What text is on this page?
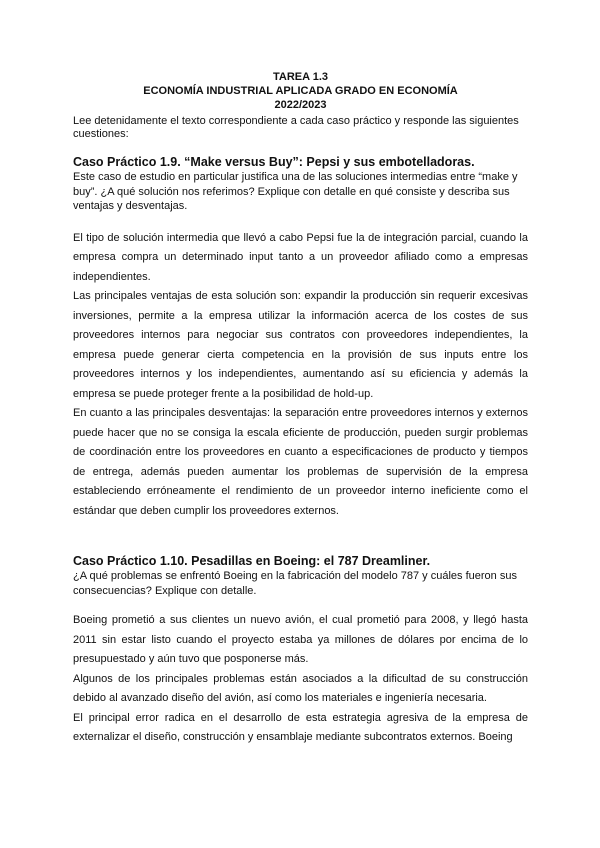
TAREA 1.3
ECONOMÍA INDUSTRIAL APLICADA GRADO EN ECONOMÍA
2022/2023
Lee detenidamente el texto correspondiente a cada caso práctico y responde las siguientes cuestiones:
Caso Práctico 1.9. “Make versus Buy”: Pepsi y sus embotelladoras.

Este caso de estudio en particular justifica una de las soluciones intermedias entre “make y buy”. ¿A qué solución nos referimos? Explique con detalle en qué consiste y describa sus ventajas y desventajas.

El tipo de solución intermedia que llevó a cabo Pepsi fue la de integración parcial, cuando la empresa compra un determinado input tanto a un proveedor afiliado como a empresas independientes.

Las principales ventajas de esta solución son: expandir la producción sin requerir excesivas inversiones, permite a la empresa utilizar la información acerca de los costes de sus proveedores internos para negociar sus contratos con proveedores independientes, la empresa puede generar cierta competencia en la provisión de sus inputs entre los proveedores internos y los independientes, aumentando así su eficiencia y además la empresa se puede proteger frente a la posibilidad de hold-up.

En cuanto a las principales desventajas: la separación entre proveedores internos y externos puede hacer que no se consiga la escala eficiente de producción, pueden surgir problemas de coordinación entre los proveedores en cuanto a especificaciones de producto y tiempos de entrega, además pueden aumentar los problemas de supervisión de la empresa estableciendo erróneamente el rendimiento de un proveedor interno ineficiente como el estándar que deben cumplir los proveedores externos.

Caso Práctico 1.10. Pesadillas en Boeing: el 787 Dreamliner.

¿A qué problemas se enfrentó Boeing en la fabricación del modelo 787 y cuáles fueron sus consecuencias? Explique con detalle.

Boeing prometió a sus clientes un nuevo avión, el cual prometió para 2008, y llegó hasta 2011 sin estar listo cuando el proyecto estaba ya millones de dólares por encima de lo presupuestado y aún tuvo que posponerse más.

Algunos de los principales problemas están asociados a la dificultad de su construcción debido al avanzado diseño del avión, así como los materiales e ingeniería necesaria.

El principal error radica en el desarrollo de esta estrategia agresiva de la empresa de externalizar el diseño, construcción y ensamblaje mediante subcontratos externos. Boeing
